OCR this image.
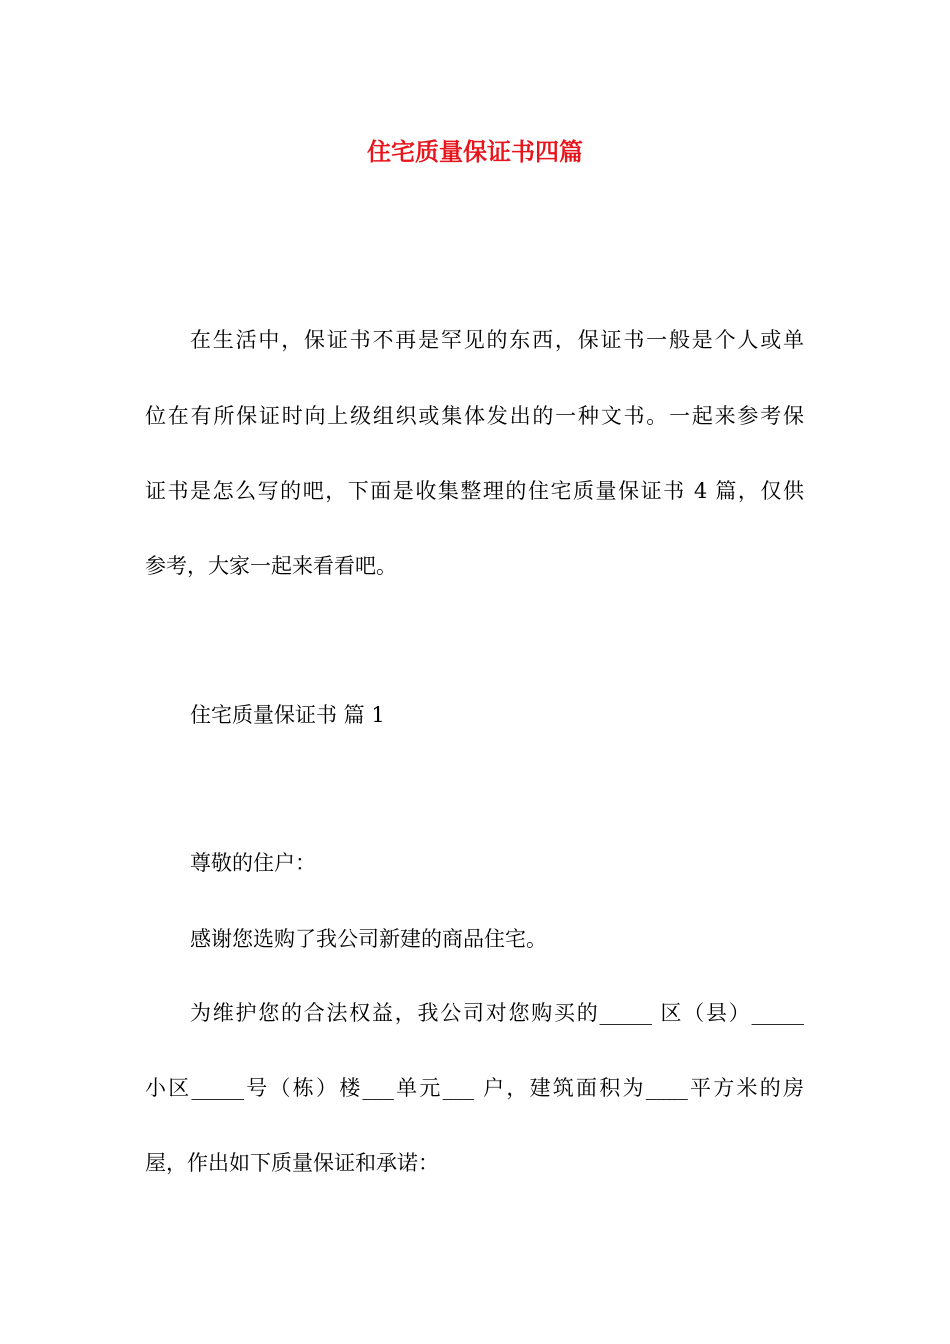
住宅质量保证书四篇
在生活中，保证书不再是罕见的东西，保证书一般是个人或单
位在有所保证时向上级组织或集体发出的一种文书。一起来参考保
证书是怎么写的吧，下面是收集整理的住宅质量保证书 4 篇，仅供
参考，大家一起来看看吧。
住宅质量保证书 篇 1
尊敬的住户：
感谢您选购了我公司新建的商品住宅。
为维护您的合法权益，我公司对您购买的_____ 区（县）_____
小区_____号（栋）楼___单元___ 户，建筑面积为____平方米的房
屋，作出如下质量保证和承诺：
